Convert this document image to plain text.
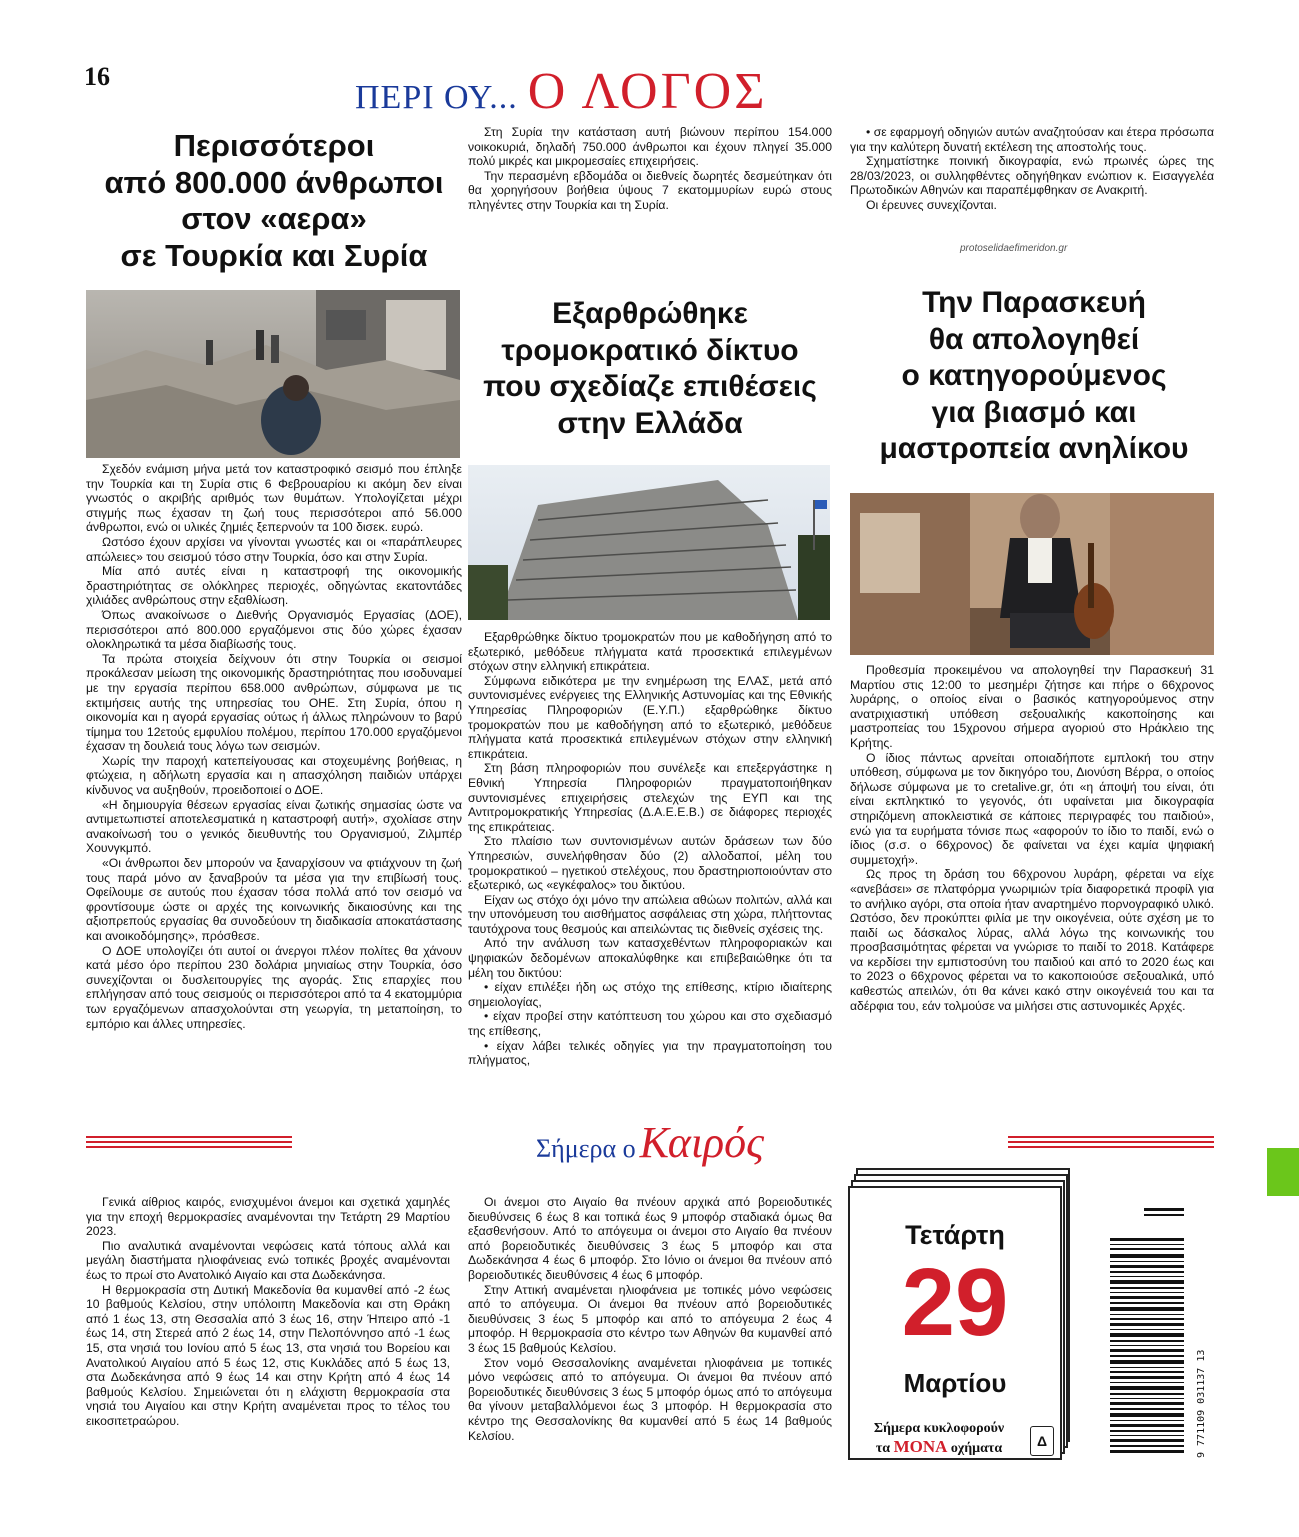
16
ΠΕΡΙ ΟΥ... Ο ΛΟΓΟΣ
Περισσότεροι
από 800.000 άνθρωποι
στον «αερα»
σε Τουρκία και Συρία

Σχεδόν ενάμιση μήνα μετά τον καταστροφικό σεισμό που έπληξε την Τουρκία και τη Συρία στις 6 Φεβρουαρίου κι ακόμη δεν είναι γνωστός ο ακριβής αριθμός των θυμάτων. Υπολογίζεται μέχρι στιγμής πως έχασαν τη ζωή τους περισσότεροι από 56.000 άνθρωποι, ενώ οι υλικές ζημιές ξεπερνούν τα 100 δισεκ. ευρώ.

Ωστόσο έχουν αρχίσει να γίνονται γνωστές και οι «παράπλευρες απώλειες» του σεισμού τόσο στην Τουρκία, όσο και στην Συρία.

Μία από αυτές είναι η καταστροφή της οικονομικής δραστηριότητας σε ολόκληρες περιοχές, οδηγώντας εκατοντάδες χιλιάδες ανθρώπους στην εξαθλίωση.

Όπως ανακοίνωσε ο Διεθνής Οργανισμός Εργασίας (ΔΟΕ), περισσότεροι από 800.000 εργαζόμενοι στις δύο χώρες έχασαν ολοκληρωτικά τα μέσα διαβίωσής τους.

Τα πρώτα στοιχεία δείχνουν ότι στην Τουρκία οι σεισμοί προκάλεσαν μείωση της οικονομικής δραστηριότητας που ισοδυναμεί με την εργασία περίπου 658.000 ανθρώπων, σύμφωνα με τις εκτιμήσεις αυτής της υπηρεσίας του ΟΗΕ. Στη Συρία, όπου η οικονομία και η αγορά εργασίας ούτως ή άλλως πληρώνουν το βαρύ τίμημα του 12ετούς εμφυλίου πολέμου, περίπου 170.000 εργαζόμενοι έχασαν τη δουλειά τους λόγω των σεισμών.

Χωρίς την παροχή κατεπείγουσας και στοχευμένης βοήθειας, η φτώχεια, η αδήλωτη εργασία και η απασχόληση παιδιών υπάρχει κίνδυνος να αυξηθούν, προειδοποιεί ο ΔΟΕ.

«Η δημιουργία θέσεων εργασίας είναι ζωτικής σημασίας ώστε να αντιμετωπιστεί αποτελεσματικά η καταστροφή αυτή», σχολίασε στην ανακοίνωσή του ο γενικός διευθυντής του Οργανισμού, Ζιλμπέρ Χουνγκμπό.

«Οι άνθρωποι δεν μπορούν να ξαναρχίσουν να φτιάχνουν τη ζωή τους παρά μόνο αν ξαναβρούν τα μέσα για την επιβίωσή τους. Οφείλουμε σε αυτούς που έχασαν τόσα πολλά από τον σεισμό να φροντίσουμε ώστε οι αρχές της κοινωνικής δικαιοσύνης και της αξιοπρεπούς εργασίας θα συνοδεύουν τη διαδικασία αποκατάστασης και ανοικοδόμησης», πρόσθεσε.

Ο ΔΟΕ υπολογίζει ότι αυτοί οι άνεργοι πλέον πολίτες θα χάνουν κατά μέσο όρο περίπου 230 δολάρια μηνιαίως στην Τουρκία, όσο συνεχίζονται οι δυσλειτουργίες της αγοράς. Στις επαρχίες που επλήγησαν από τους σεισμούς οι περισσότεροι από τα 4 εκατομμύρια των εργαζόμενων απασχολούνται στη γεωργία, τη μεταποίηση, το εμπόριο και άλλες υπηρεσίες.

Στη Συρία την κατάσταση αυτή βιώνουν περίπου 154.000 νοικοκυριά, δηλαδή 750.000 άνθρωποι και έχουν πληγεί 35.000 πολύ μικρές και μικρομεσαίες επιχειρήσεις.

Την περασμένη εβδομάδα οι διεθνείς δωρητές δεσμεύτηκαν ότι θα χορηγήσουν βοήθεια ύψους 7 εκατομμυρίων ευρώ στους πληγέντες στην Τουρκία και τη Συρία.

Εξαρθρώθηκε
τρομοκρατικό δίκτυο
που σχεδίαζε επιθέσεις
στην Ελλάδα

Εξαρθρώθηκε δίκτυο τρομοκρατών που με καθοδήγηση από το εξωτερικό, μεθόδευε πλήγματα κατά προσεκτικά επιλεγμένων στόχων στην ελληνική επικράτεια.

Σύμφωνα ειδικότερα με την ενημέρωση της ΕΛΑΣ, μετά από συντονισμένες ενέργειες της Ελληνικής Αστυνομίας και της Εθνικής Υπηρεσίας Πληροφοριών (Ε.Υ.Π.) εξαρθρώθηκε δίκτυο τρομοκρατών που με καθοδήγηση από το εξωτερικό, μεθόδευε πλήγματα κατά προσεκτικά επιλεγμένων στόχων στην ελληνική επικράτεια.

Στη βάση πληροφοριών που συνέλεξε και επεξεργάστηκε η Εθνική Υπηρεσία Πληροφοριών πραγματοποιήθηκαν συντονισμένες επιχειρήσεις στελεχών της ΕΥΠ και της Αντιτρομοκρατικής Υπηρεσίας (Δ.Α.Ε.Ε.Β.) σε διάφορες περιοχές της επικράτειας.

Στο πλαίσιο των συντονισμένων αυτών δράσεων των δύο Υπηρεσιών, συνελήφθησαν δύο (2) αλλοδαποί, μέλη του τρομοκρατικού – ηγετικού στελέχους, που δραστηριοποιούνταν στο εξωτερικό, ως «εγκέφαλος» του δικτύου.

Είχαν ως στόχο όχι μόνο την απώλεια αθώων πολιτών, αλλά και την υπονόμευση του αισθήματος ασφάλειας στη χώρα, πλήττοντας ταυτόχρονα τους θεσμούς και απειλώντας τις διεθνείς σχέσεις της.

Από την ανάλυση των κατασχεθέντων πληροφοριακών και ψηφιακών δεδομένων αποκαλύφθηκε και επιβεβαιώθηκε ότι τα μέλη του δικτύου:

• είχαν επιλέξει ήδη ως στόχο της επίθεσης, κτίριο ιδιαίτερης σημειολογίας,

• είχαν προβεί στην κατόπτευση του χώρου και στο σχεδιασμό της επίθεσης,

• είχαν λάβει τελικές οδηγίες για την πραγματοποίηση του πλήγματος,

• σε εφαρμογή οδηγιών αυτών αναζητούσαν και έτερα πρόσωπα για την καλύτερη δυνατή εκτέλεση της αποστολής τους.

Σχηματίστηκε ποινική δικογραφία, ενώ πρωινές ώρες της 28/03/2023, οι συλληφθέντες οδηγήθηκαν ενώπιον κ. Εισαγγελέα Πρωτοδικών Αθηνών και παραπέμφθηκαν σε Ανακριτή.

Οι έρευνες συνεχίζονται.

protoselidaefimeridon.gr
Την Παρασκευή
θα απολογηθεί
ο κατηγορούμενος
για βιασμό και
μαστροπεία ανηλίκου

Προθεσμία προκειμένου να απολογηθεί την Παρασκευή 31 Μαρτίου στις 12:00 το μεσημέρι ζήτησε και πήρε ο 66χρονος λυράρης, ο οποίος είναι ο βασικός κατηγορούμενος στην ανατριχιαστική υπόθεση σεξουαλικής κακοποίησης και μαστροπείας του 15χρονου σήμερα αγοριού στο Ηράκλειο της Κρήτης.

Ο ίδιος πάντως αρνείται οποιαδήποτε εμπλοκή του στην υπόθεση, σύμφωνα με τον δικηγόρο του, Διονύση Βέρρα, ο οποίος δήλωσε σύμφωνα με το cretalive.gr, ότι «η άποψή του είναι, ότι είναι εκπληκτικό το γεγονός, ότι υφαίνεται μια δικογραφία στηριζόμενη αποκλειστικά σε κάποιες περιγραφές του παιδιού», ενώ για τα ευρήματα τόνισε πως «αφορούν το ίδιο το παιδί, ενώ ο ίδιος (σ.σ. ο 66χρονος) δε φαίνεται να έχει καμία ψηφιακή συμμετοχή».

Ως προς τη δράση του 66χρονου λυράρη, φέρεται να είχε «ανεβάσει» σε πλατφόρμα γνωριμιών τρία διαφορετικά προφίλ για το ανήλικο αγόρι, στα οποία ήταν αναρτημένο πορνογραφικό υλικό. Ωστόσο, δεν προκύπτει φιλία με την οικογένεια, ούτε σχέση με το παιδί ως δάσκαλος λύρας, αλλά λόγω της κοινωνικής του προσβασιμότητας φέρεται να γνώρισε το παιδί το 2018. Κατάφερε να κερδίσει την εμπιστοσύνη του παιδιού και από το 2020 έως και το 2023 ο 66χρονος φέρεται να το κακοποιούσε σεξουαλικά, υπό καθεστώς απειλών, ότι θα κάνει κακό στην οικογένειά του και τα αδέρφια του, εάν τολμούσε να μιλήσει στις αστυνομικές Αρχές.

Σήμερα ο Καιρός

Γενικά αίθριος καιρός, ενισχυμένοι άνεμοι και σχετικά χαμηλές για την εποχή θερμοκρασίες αναμένονται την Τετάρτη 29 Μαρτίου 2023.

Πιο αναλυτικά αναμένονται νεφώσεις κατά τόπους αλλά και μεγάλη διαστήματα ηλιοφάνειας ενώ τοπικές βροχές αναμένονται έως το πρωί στο Ανατολικό Αιγαίο και στα Δωδεκάνησα.

Η θερμοκρασία στη Δυτική Μακεδονία θα κυμανθεί από -2 έως 10 βαθμούς Κελσίου, στην υπόλοιπη Μακεδονία και στη Θράκη από 1 έως 13, στη Θεσσαλία από 3 έως 16, στην Ήπειρο από -1 έως 14, στη Στερεά από 2 έως 14, στην Πελοπόννησο από -1 έως 15, στα νησιά του Ιονίου από 5 έως 13, στα νησιά του Βορείου και Ανατολικού Αιγαίου από 5 έως 12, στις Κυκλάδες από 5 έως 13, στα Δωδεκάνησα από 9 έως 14 και στην Κρήτη από 4 έως 14 βαθμούς Κελσίου. Σημειώνεται ότι η ελάχιστη θερμοκρασία στα νησιά του Αιγαίου και στην Κρήτη αναμένεται προς το τέλος του εικοσιτετραώρου.

Οι άνεμοι στο Αιγαίο θα πνέουν αρχικά από βορειοδυτικές διευθύνσεις 6 έως 8 και τοπικά έως 9 μποφόρ σταδιακά όμως θα εξασθενήσουν. Από το απόγευμα οι άνεμοι στο Αιγαίο θα πνέουν από βορειοδυτικές διευθύνσεις 3 έως 5 μποφόρ και στα Δωδεκάνησα 4 έως 6 μποφόρ. Στο Ιόνιο οι άνεμοι θα πνέουν από βορειοδυτικές διευθύνσεις 4 έως 6 μποφόρ.

Στην Αττική αναμένεται ηλιοφάνεια με τοπικές μόνο νεφώσεις από το απόγευμα. Οι άνεμοι θα πνέουν από βορειοδυτικές διευθύνσεις 3 έως 5 μποφόρ και από το απόγευμα 2 έως 4 μποφόρ. Η θερμοκρασία στο κέντρο των Αθηνών θα κυμανθεί από 3 έως 15 βαθμούς Κελσίου.

Στον νομό Θεσσαλονίκης αναμένεται ηλιοφάνεια με τοπικές μόνο νεφώσεις από το απόγευμα. Οι άνεμοι θα πνέουν από βορειοδυτικές διευθύνσεις 3 έως 5 μποφόρ όμως από το απόγευμα θα γίνουν μεταβαλλόμενοι έως 3 μποφόρ. Η θερμοκρασία στο κέντρο της Θεσσαλονίκης θα κυμανθεί από 5 έως 14 βαθμούς Κελσίου.

Τετάρτη
29
Μαρτίου
Σήμερα κυκλοφορούν
τα ΜΟΝΑ οχήματα	Δ	9 771109 031137 13
